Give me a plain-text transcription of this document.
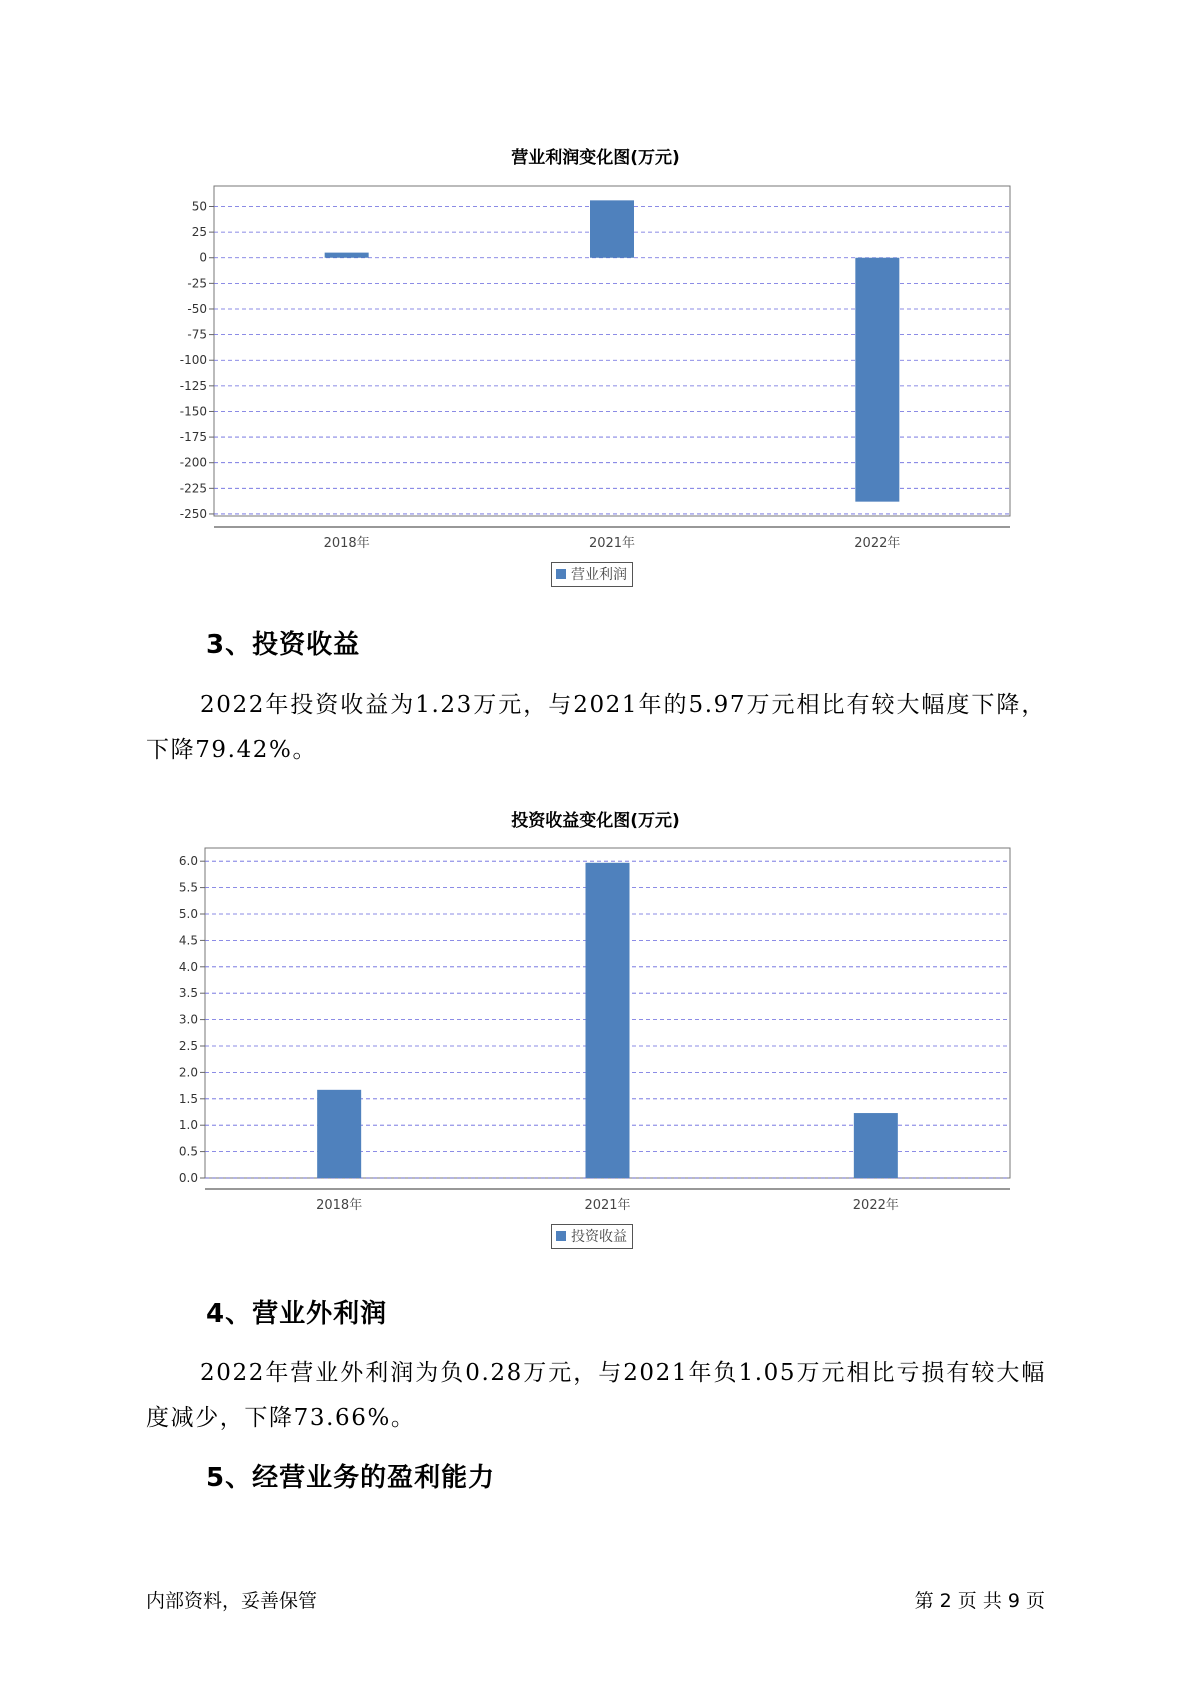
营业利润变化图(万元)
50
25
0
-25
-50
-75
-100
-125
-150
-175
-200
-225
-250
2018年	2021年	2022年
营业利润
3、投资收益
2022年投资收益为1.23万元，与2021年的5.97万元相比有较大幅度下降，下降79.42%。
投资收益变化图(万元)
6.0
5.5
5.0
4.5
4.0
3.5
3.0
2.5
2.0
1.5
1.0
0.5
0.0
2018年	2021年	2022年
投资收益
4、营业外利润
2022年营业外利润为负0.28万元，与2021年负1.05万元相比亏损有较大幅度减少，下降73.66%。
5、经营业务的盈利能力
内部资料，妥善保管	第 2 页 共 9 页
